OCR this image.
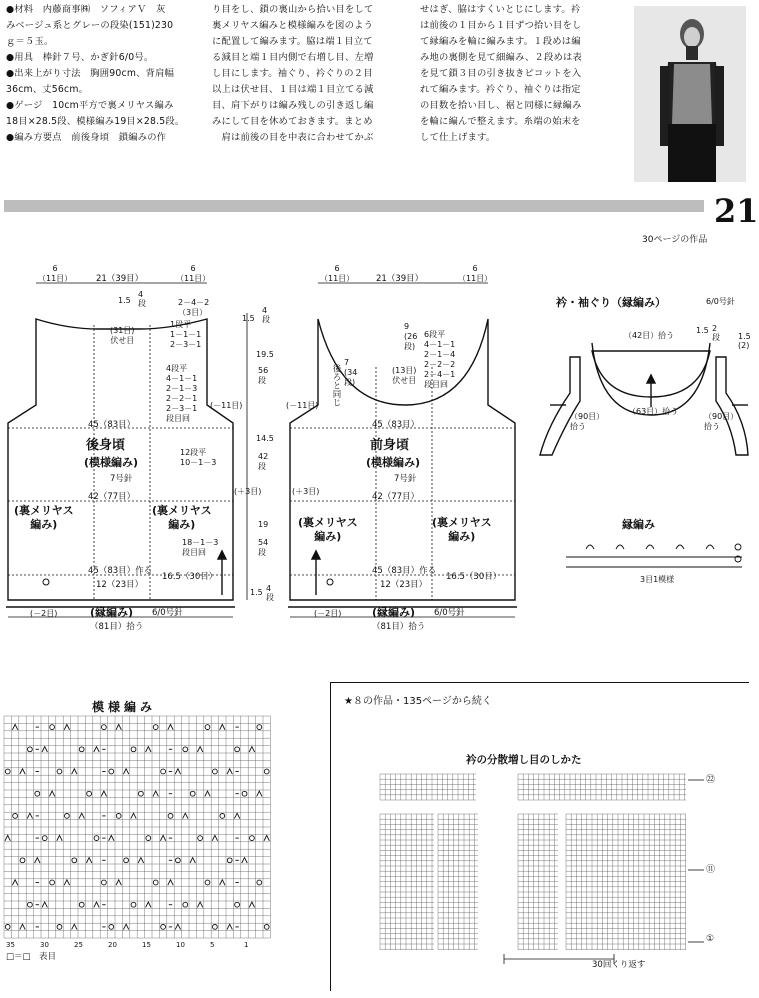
●材料　内藤商事㈱　ソフィアＶ　灰
みベージュ系とグレーの段染(151)230
ｇ＝５玉。
●用具　棒針７号、かぎ針6/0号。
●出来上がり寸法　胸囲90cm、背肩幅
36cm、丈56cm。
●ゲージ　10cm平方で裏メリヤス編み
18目×28.5段、模様編み19目×28.5段。
●編み方要点　前後身頃　鎖編みの作
り目をし、鎖の裏山から拾い目をして
裏メリヤス編みと模様編みを図のよう
に配置して編みます。脇は端１目立て
る減目と端１目内側で右増し目、左増
し目にします。袖ぐり、衿ぐりの２目
以上は伏せ目、１目は端１目立てる減
目、肩下がりは編み残しの引き返し編
みにして目を休めておきます。まとめ
　肩は前後の目を中表に合わせてかぶ
せはぎ、脇はすくいとじにします。衿
は前後の１目から１目ずつ拾い目をし
て縁編みを輪に編みます。１段めは編
み地の裏側を見て細編み、２段めは表
を見て鎖３目の引き抜きピコットを入
れて編みます。衿ぐり、袖ぐりは指定
の目数を拾い目し、裾と同様に縁編み
を輪に編んで整えます。糸端の始末を
して仕上げます。
30ページの作品
21

21（39目）
6
（11目）
6
（11目）
1.5
4
段	2－4－2
（3目）
(31目)
伏せ目
1段平
1－1－1
2－3－1
4段平
4－1－1
2－1－3
2－2－1
2－3－1
段目回
(－11目)
45（83目）
後身頃
(模様編み)
7号針
12段平
10－1－3
42（77目）
(裏メリヤス
編み)
(裏メリヤス
編み)
18－1－3
段目回
45（83目）作る
12（23目）
16.5（30目）
(－2目)	(縁編み) 6/0号針
（81目）拾う
(＋3目)
1.5
4
段
19.5
56
段
14.5
42
段
19
54
段
1.5 4
段
21（39目）
6
（11目）
6
（11目）
9
(26
段)
7
(34
段)
後ろと同じ	(13目)
伏せ目
6段平
4－1－1
2－1－4
2－2－2
2－4－1
段目回
(－11目)
45（83目）
前身頃
(模様編み)
7号針
42（77目）
(＋3目)
(裏メリヤス
編み)
(裏メリヤス
編み)
45（83目）作る
12（23目）
16.5（30目）
(－2目)	(縁編み) 6/0号針
（81目）拾う
衿・袖ぐり（縁編み）	6/0号針
（42目）拾う
1.5 2
段 1.5
(2)
（63目）拾う
（90目）
拾う
（90目）
拾う
縁編み
3目1模様
模様編み
35	30	25	20	15	10	5	1
□＝□　表目
★８の作品・135ページから続く
衿の分散増し目のしかた
㉒
⑪
①
30回くり返す
